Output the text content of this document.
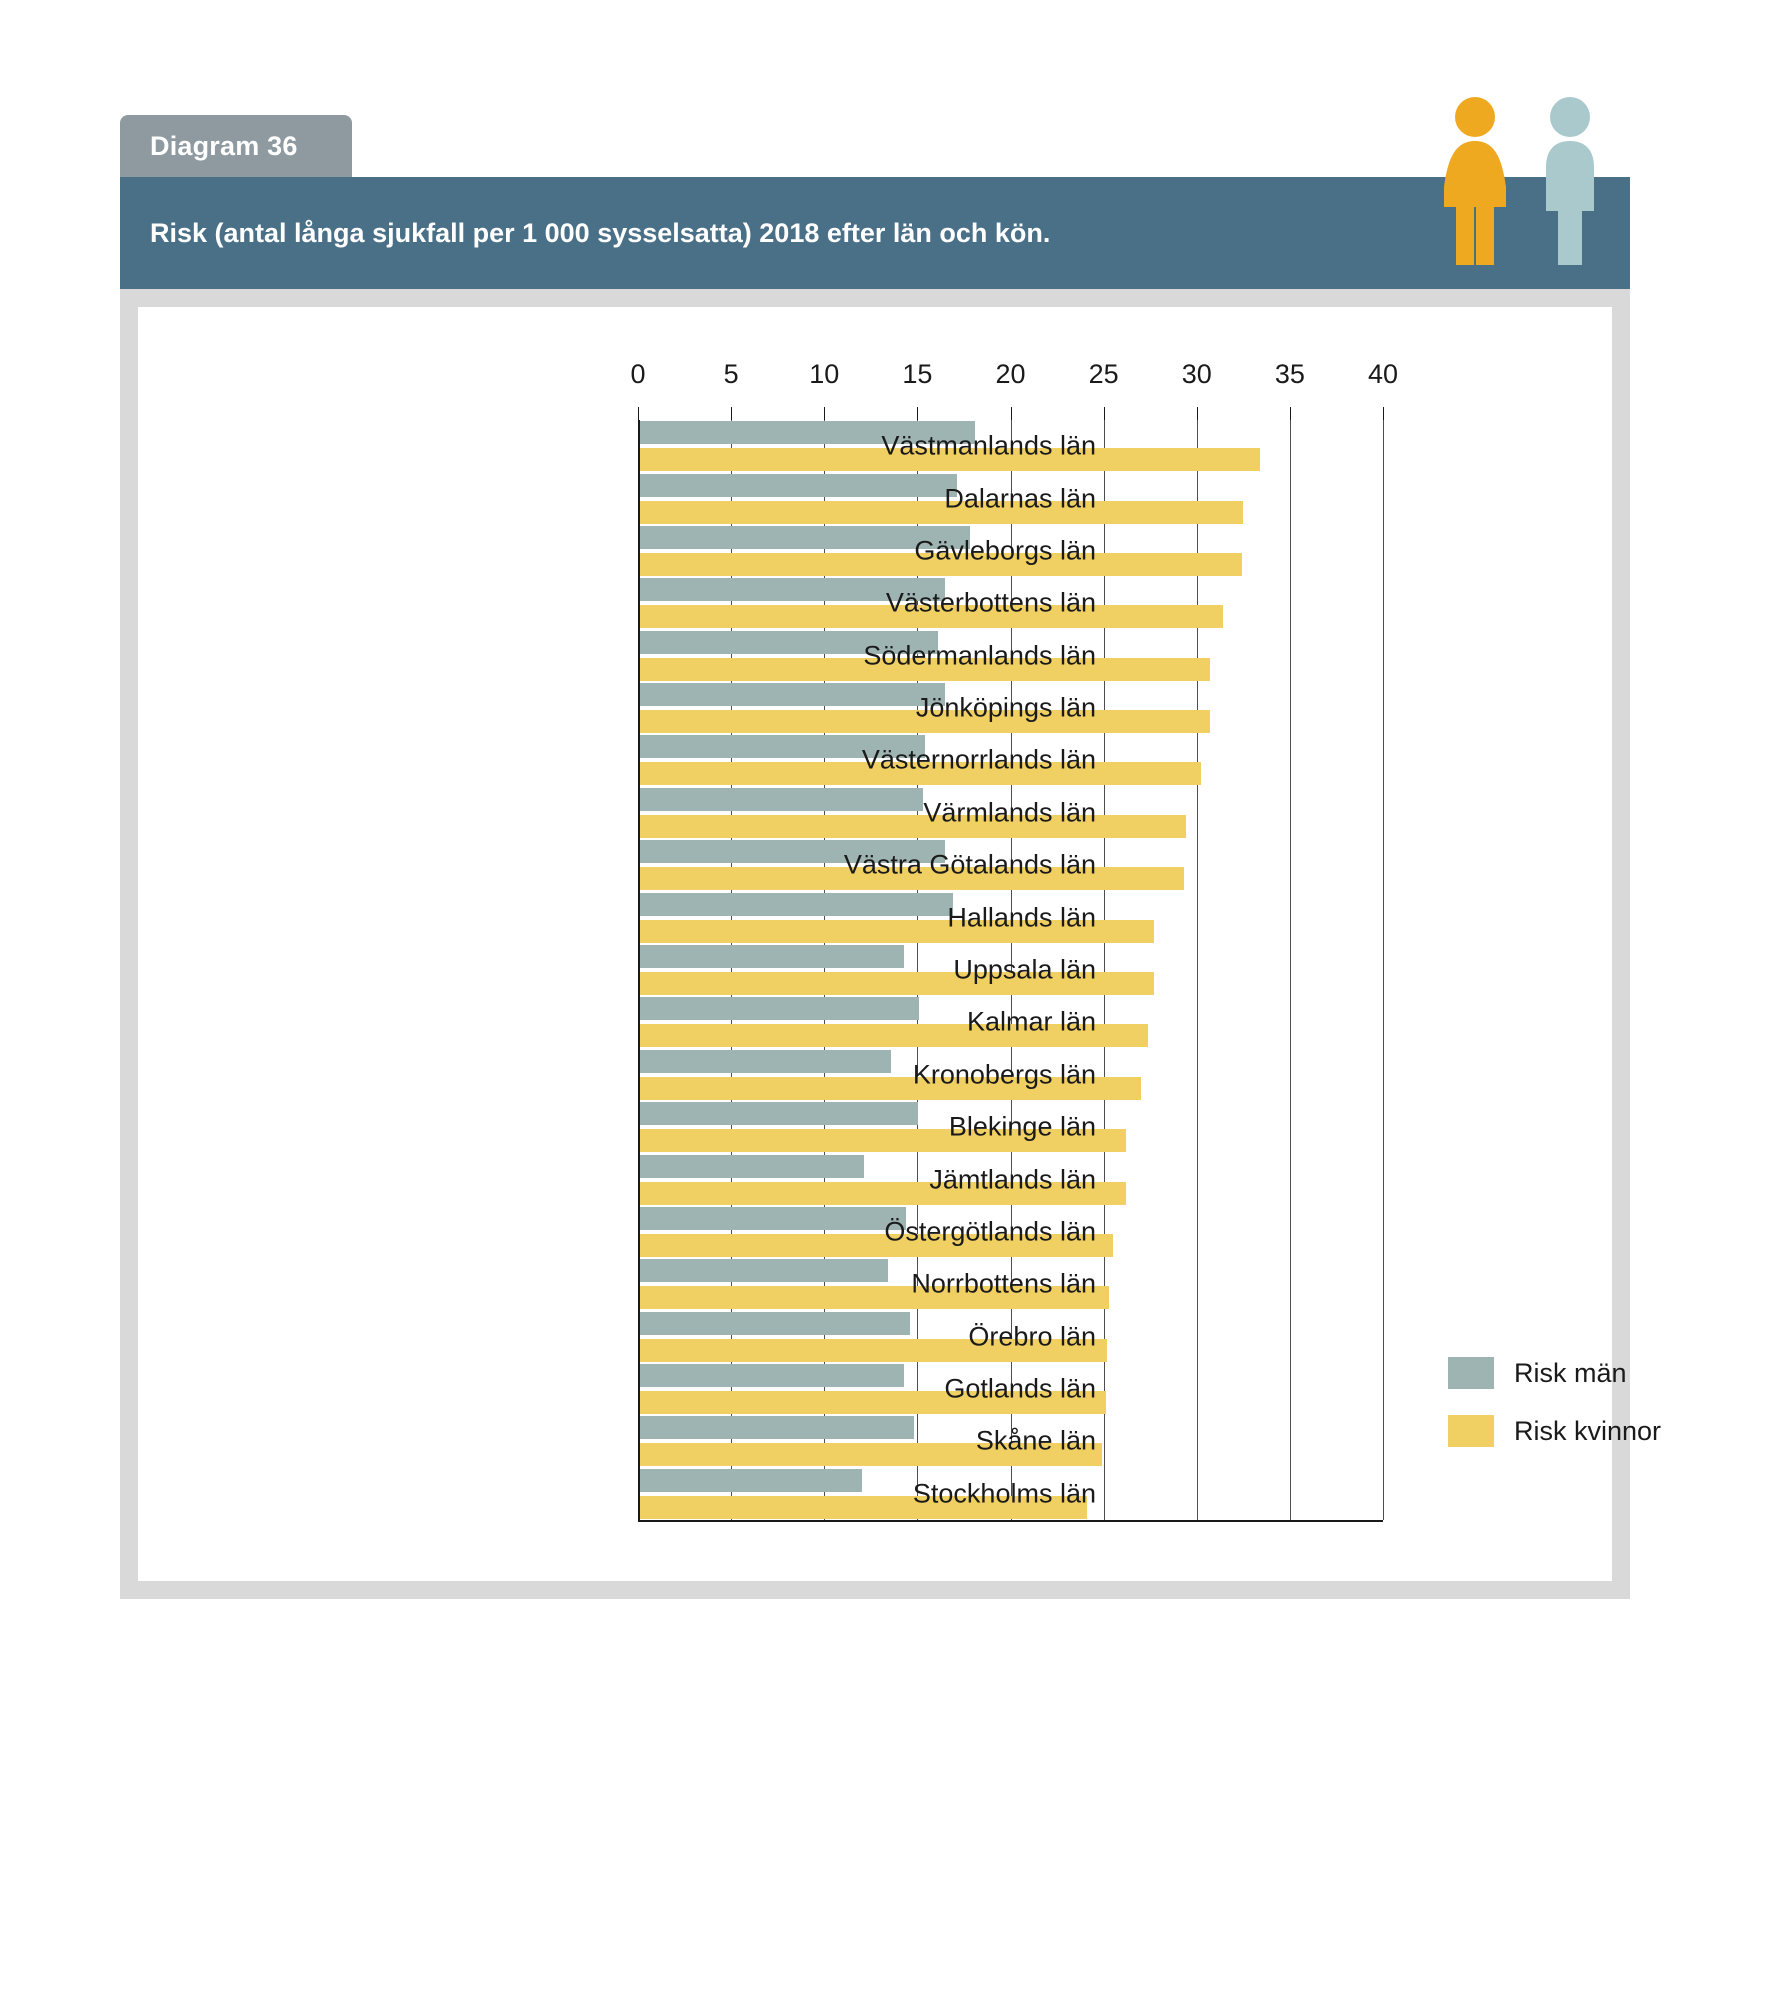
Diagram 36
Risk (antal långa sjukfall per 1 000 sysselsatta) 2018 efter län och kön.
0	5	10 15 20 25 30 35 40
Risk män
Risk kvinnor
Västmanlands län
Dalarnas län
Gävleborgs län
Västerbottens län
Södermanlands län
Jönköpings län
Västernorrlands län
Värmlands län
Västra Götalands län
Hallands län
Uppsala län
Kalmar län
Kronobergs län
Blekinge län
Jämtlands län
Östergötlands län
Norrbottens län
Örebro län
Gotlands län
Skåne län
Stockholms län
